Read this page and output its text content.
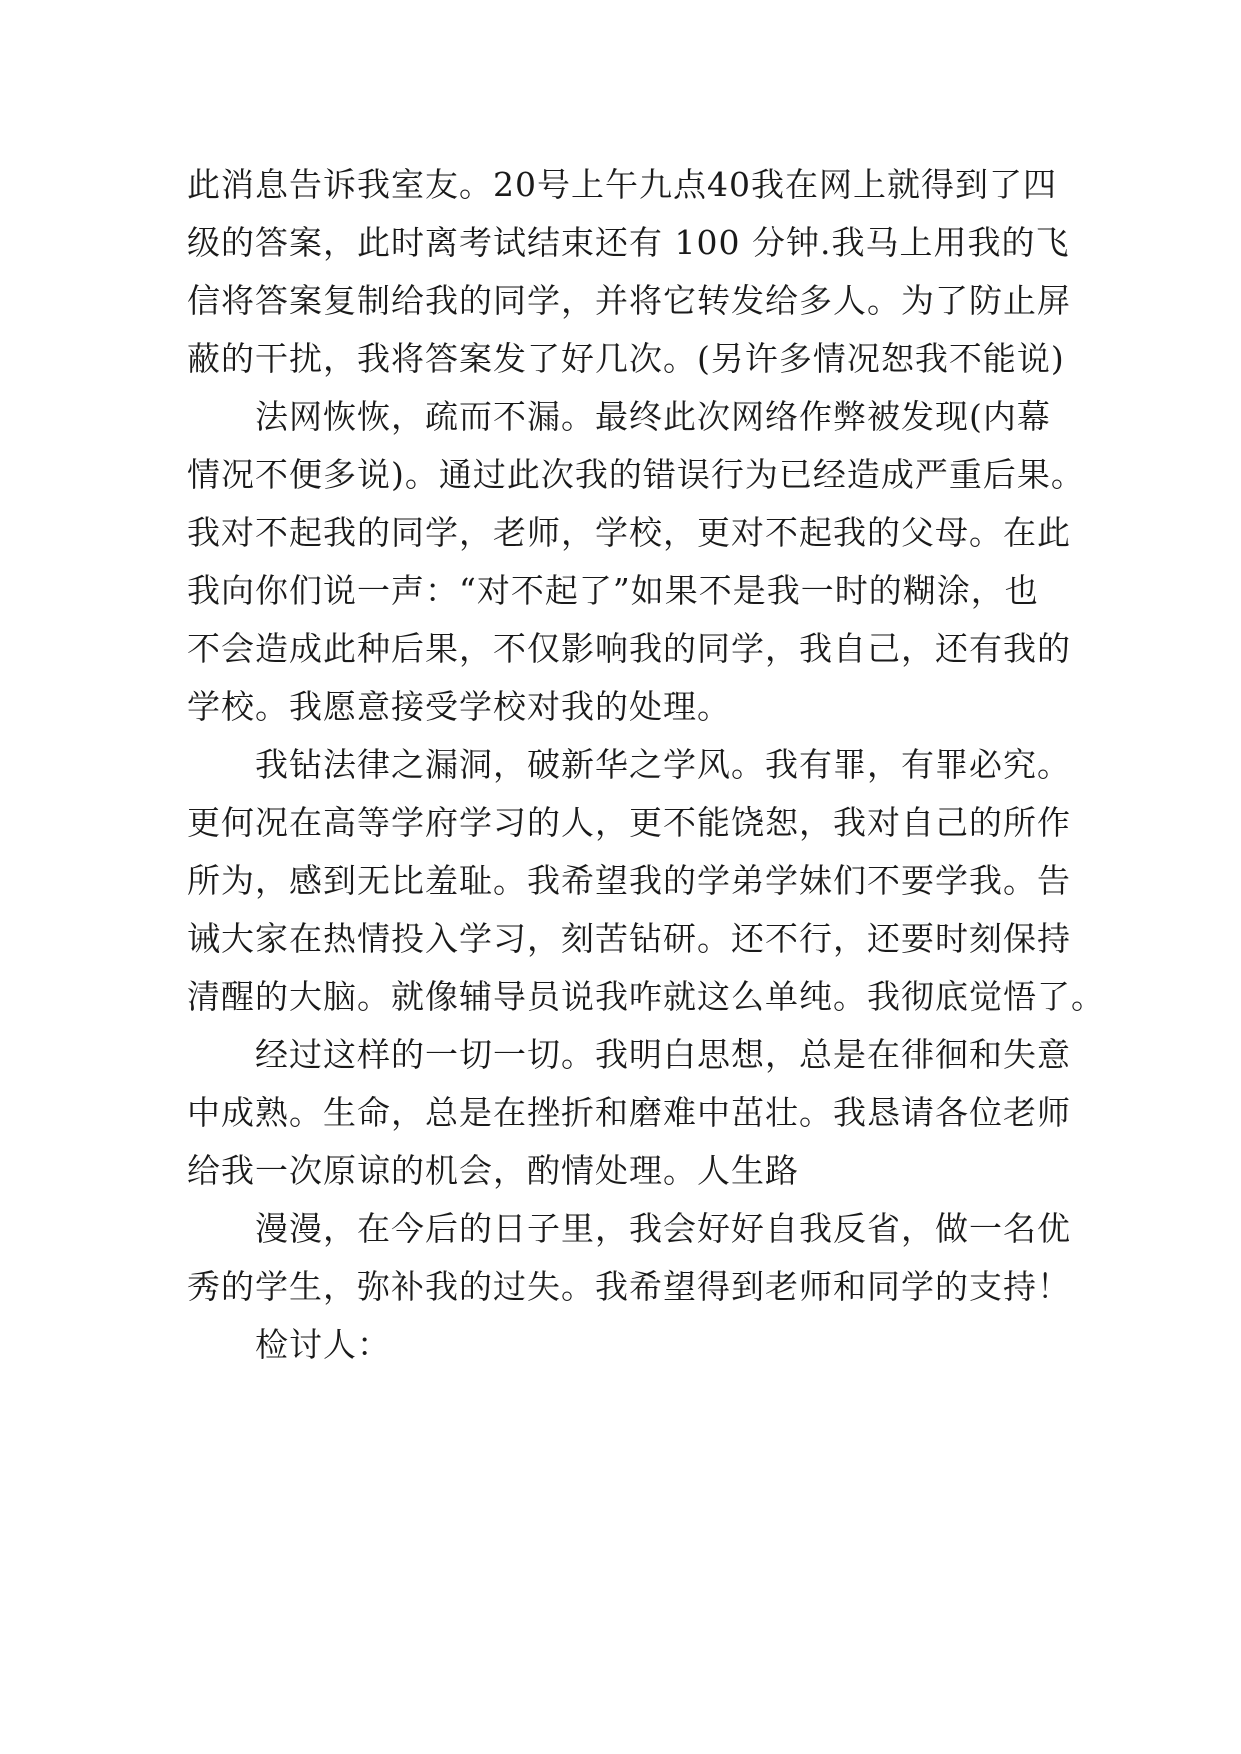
此消息告诉我室友。20号上午九点40我在网上就得到了四
级的答案，此时离考试结束还有 100 分钟.我马上用我的飞
信将答案复制给我的同学，并将它转发给多人。为了防止屏
蔽的干扰，我将答案发了好几次。(另许多情况恕我不能说)
法网恢恢，疏而不漏。最终此次网络作弊被发现(内幕
情况不便多说)。通过此次我的错误行为已经造成严重后果。
我对不起我的同学，老师，学校，更对不起我的父母。在此
我向你们说一声：“对不起了”如果不是我一时的糊涂，也
不会造成此种后果，不仅影响我的同学，我自己，还有我的
学校。我愿意接受学校对我的处理。
我钻法律之漏洞，破新华之学风。我有罪，有罪必究。
更何况在高等学府学习的人，更不能饶恕，我对自己的所作
所为，感到无比羞耻。我希望我的学弟学妹们不要学我。告
诫大家在热情投入学习，刻苦钻研。还不行，还要时刻保持
清醒的大脑。就像辅导员说我咋就这么单纯。我彻底觉悟了。
经过这样的一切一切。我明白思想，总是在徘徊和失意
中成熟。生命，总是在挫折和磨难中茁壮。我恳请各位老师
给我一次原谅的机会，酌情处理。人生路
漫漫，在今后的日子里，我会好好自我反省，做一名优
秀的学生，弥补我的过失。我希望得到老师和同学的支持！
检讨人：
